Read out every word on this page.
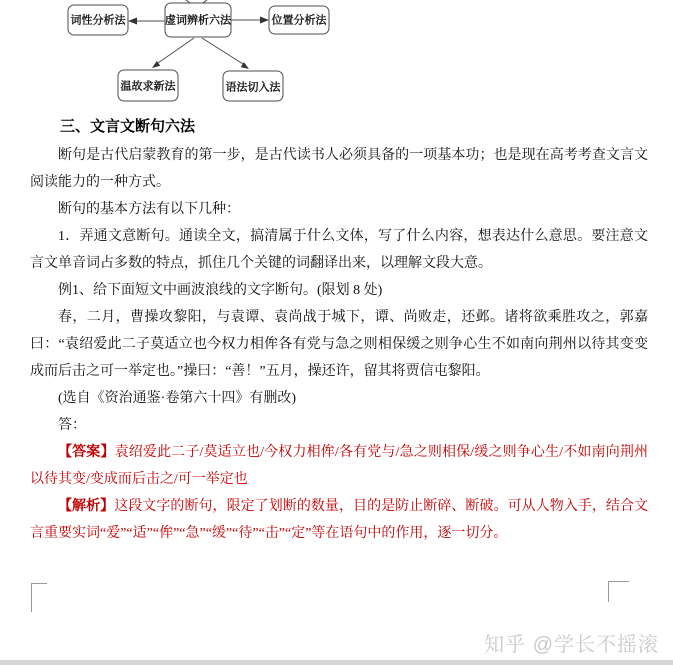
词性分析法	虚词辨析六法	位置分析法
温故求新法	语法切入法
三、文言文断句六法

断句是古代启蒙教育的第一步，是古代读书人必须具备的一项基本功；也是现在高考考查文言文阅读能力的一种方式。

断句的基本方法有以下几种：

1．弄通文意断句。通读全文，搞清属于什么文体，写了什么内容，想表达什么意思。要注意文言文单音词占多数的特点，抓住几个关键的词翻译出来，以理解文段大意。

例1、给下面短文中画波浪线的文字断句。(限划 8 处)

春，二月，曹操攻黎阳，与袁谭、袁尚战于城下，谭、尚败走，还邺。诸将欲乘胜攻之，郭嘉曰：“袁绍爱此二子莫适立也今权力相侔各有党与急之则相保缓之则争心生不如南向荆州以待其变变成而后击之可一举定也。”操曰：“善！”五月，操还许，留其将贾信屯黎阳。

(选自《资治通鉴·卷第六十四》有删改)

答：

【答案】袁绍爱此二子/莫适立也/今权力相侔/各有党与/急之则相保/缓之则争心生/不如南向荆州以待其变/变成而后击之/可一举定也

【解析】这段文字的断句，限定了划断的数量，目的是防止断碎、断破。可从人物入手，结合文言重要实词“爱”“适”“侔”“急”“缓”“待”“击”“定”等在语句中的作用，逐一切分。

知乎 @学长不摇滚
